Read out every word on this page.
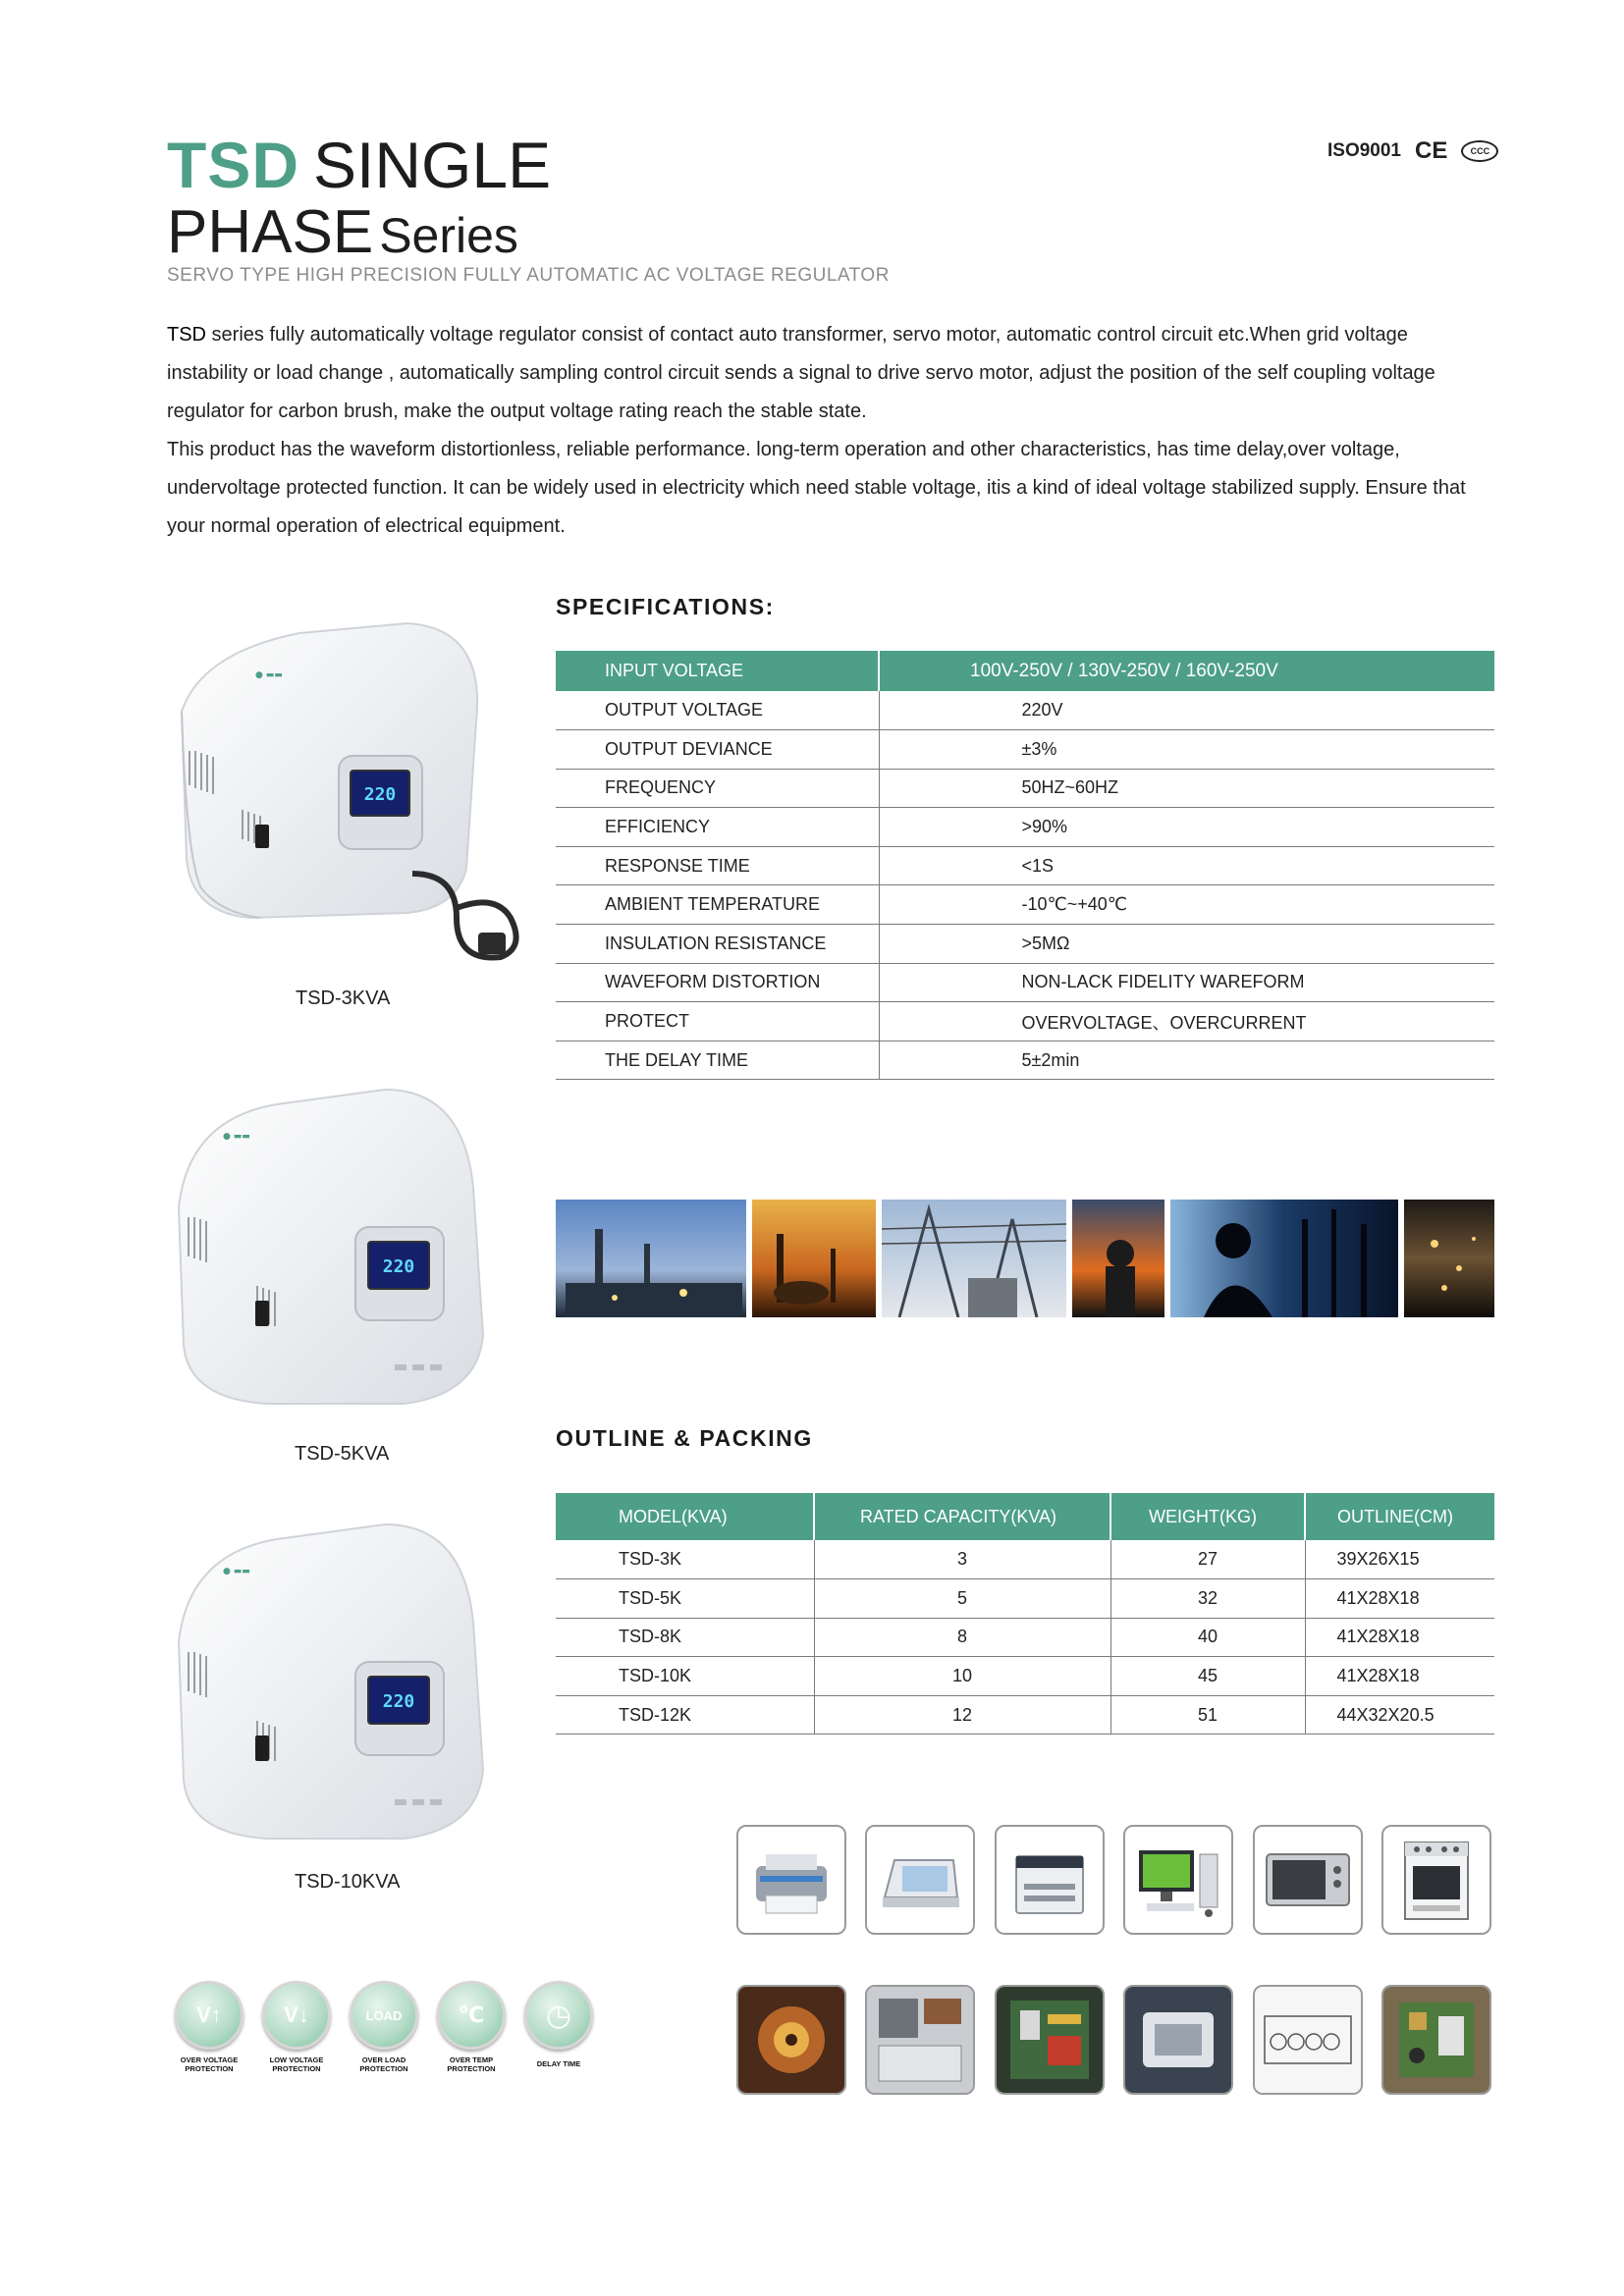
TSD SINGLE
PHASE Series
SERVO TYPE HIGH PRECISION FULLY AUTOMATIC AC VOLTAGE REGULATOR
ISO9001 CE	CCC

TSD series fully automatically voltage regulator consist of contact auto transformer, servo motor, automatic control circuit etc.When grid voltage instability or load change , automatically sampling control circuit sends a signal to drive servo motor, adjust the position of the self coupling voltage regulator for carbon brush, make the output voltage rating reach the stable state.

This product has the waveform distortionless, reliable performance. long-term operation and other characteristics, has time delay,over voltage, undervoltage protected function. It can be widely used in electricity which need stable voltage, itis a kind of ideal voltage stabilized supply. Ensure that your normal operation of electrical equipment.

SPECIFICATIONS:
INPUT VOLTAGE	100V-250V / 130V-250V / 160V-250V
OUTPUT VOLTAGE	220V
OUTPUT DEVIANCE	±3%
FREQUENCY	50HZ~60HZ
EFFICIENCY	>90%
RESPONSE TIME	<1S
AMBIENT TEMPERATURE	-10℃~+40℃
INSULATION RESISTANCE	>5MΩ
WAVEFORM DISTORTION	NON-LACK FIDELITY WAREFORM
PROTECT	OVERVOLTAGE、OVERCURRENT
THE DELAY TIME	5±2min
OUTLINE & PACKING
MODEL(KVA)	RATED CAPACITY(KVA)	WEIGHT(KG)	OUTLINE(CM)
TSD-3K	3	27	39X26X15
TSD-5K	5	32	41X28X18
TSD-8K	8	40	41X28X18
TSD-10K	10	45	41X28X18
TSD-12K	12	51	44X32X20.5
220
● ▬▬
TSD-3KVA
220
● ▬▬
TSD-5KVA
220
● ▬▬
TSD-10KVA
V↑
OVER VOLTAGE
PROTECTION
V↓
LOW VOLTAGE
PROTECTION
LOAD
OVER LOAD
PROTECTION
℃
OVER TEMP
PROTECTION
◷
DELAY TIME
